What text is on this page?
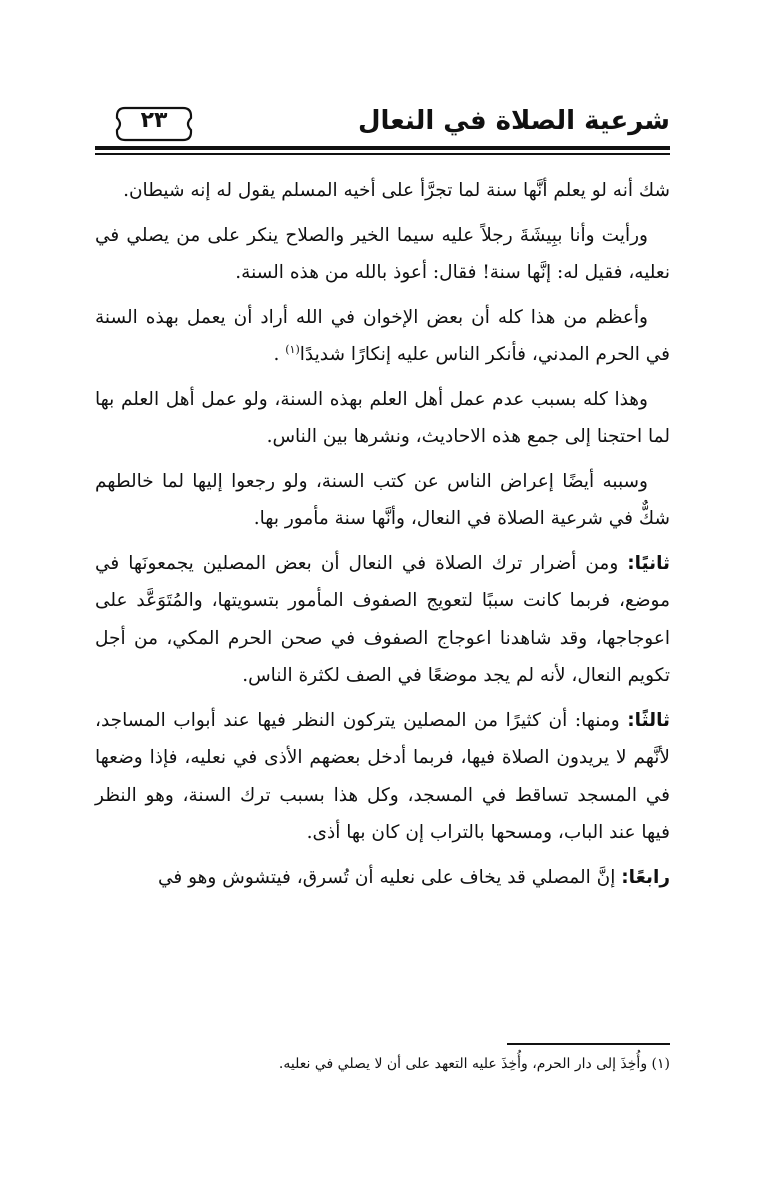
شرعية الصلاة في النعال
٢٣

شك أنه لو يعلم أنَّها سنة لما تجرَّأ على أخيه المسلم يقول له إنه شيطان.

ورأيت وأنا ببِيشَةَ رجلاً عليه سيما الخير والصلاح ينكر على من يصلي في نعليه، فقيل له: إنَّها سنة! فقال: أعوذ بالله من هذه السنة.

وأعظم من هذا كله أن بعض الإخوان في الله أراد أن يعمل بهذه السنة في الحرم المدني، فأنكر الناس عليه إنكارًا شديدًا$^{(١)}$ .

وهذا كله بسبب عدم عمل أهل العلم بهذه السنة، ولو عمل أهل العلم بها لما احتجنا إلى جمع هذه الاحاديث، ونشرها بين الناس.

وسببه أيضًا إعراض الناس عن كتب السنة، ولو رجعوا إليها لما خالطهم شكٌّ في شرعية الصلاة في النعال، وأنَّها سنة مأمور بها.

ثانيًا: ومن أضرار ترك الصلاة في النعال أن بعض المصلين يجمعونَها في موضع، فربما كانت سببًا لتعويج الصفوف المأمور بتسويتها، والمُتَوَعَّد على اعوجاجها، وقد شاهدنا اعوجاج الصفوف في صحن الحرم المكي، من أجل تكويم النعال، لأنه لم يجد موضعًا في الصف لكثرة الناس.

ثالثًا: ومنها: أن كثيرًا من المصلين يتركون النظر فيها عند أبواب المساجد، لأنَّهم لا يريدون الصلاة فيها، فربما أدخل بعضهم الأذى في نعليه، فإذا وضعها في المسجد تساقط في المسجد، وكل هذا بسبب ترك السنة، وهو النظر فيها عند الباب، ومسحها بالتراب إن كان بها أذى.

رابعًا: إنَّ المصلي قد يخاف على نعليه أن تُسرق، فيتشوش وهو في

(١) وأُخِذَ إلى دار الحرم، وأُخِذَ عليه التعهد على أن لا يصلي في نعليه.
